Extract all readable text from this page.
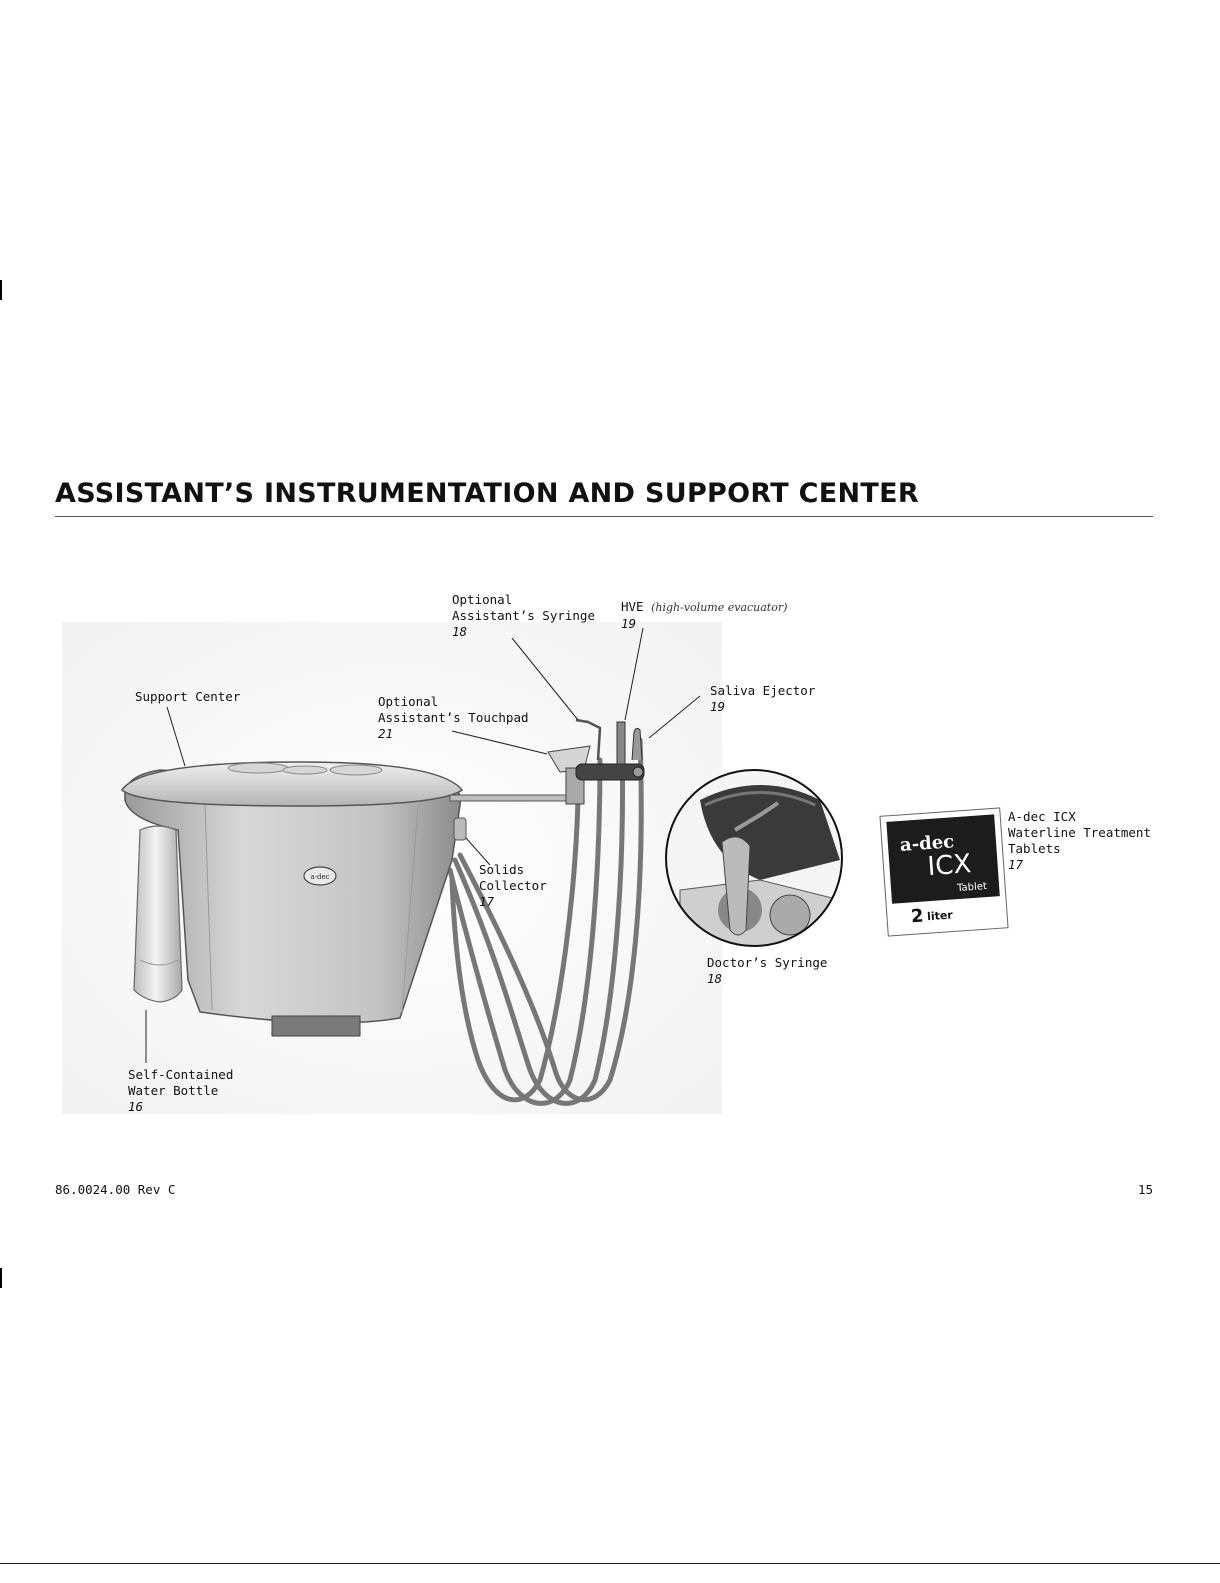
ASSISTANT’S INSTRUMENTATION AND SUPPORT CENTER
a-dec
a-dec
ICX
Tablet
2 liter
Support Center
Self-Contained
Water Bottle
16
Optional
Assistant’s Touchpad
21
Optional
Assistant’s Syringe
18
HVE (high-volume evacuator)
19
Saliva Ejector
19
Solids
Collector
17
Doctor’s Syringe
18
A-dec ICX
Waterline Treatment
Tablets
17
86.0024.00 Rev C	15
